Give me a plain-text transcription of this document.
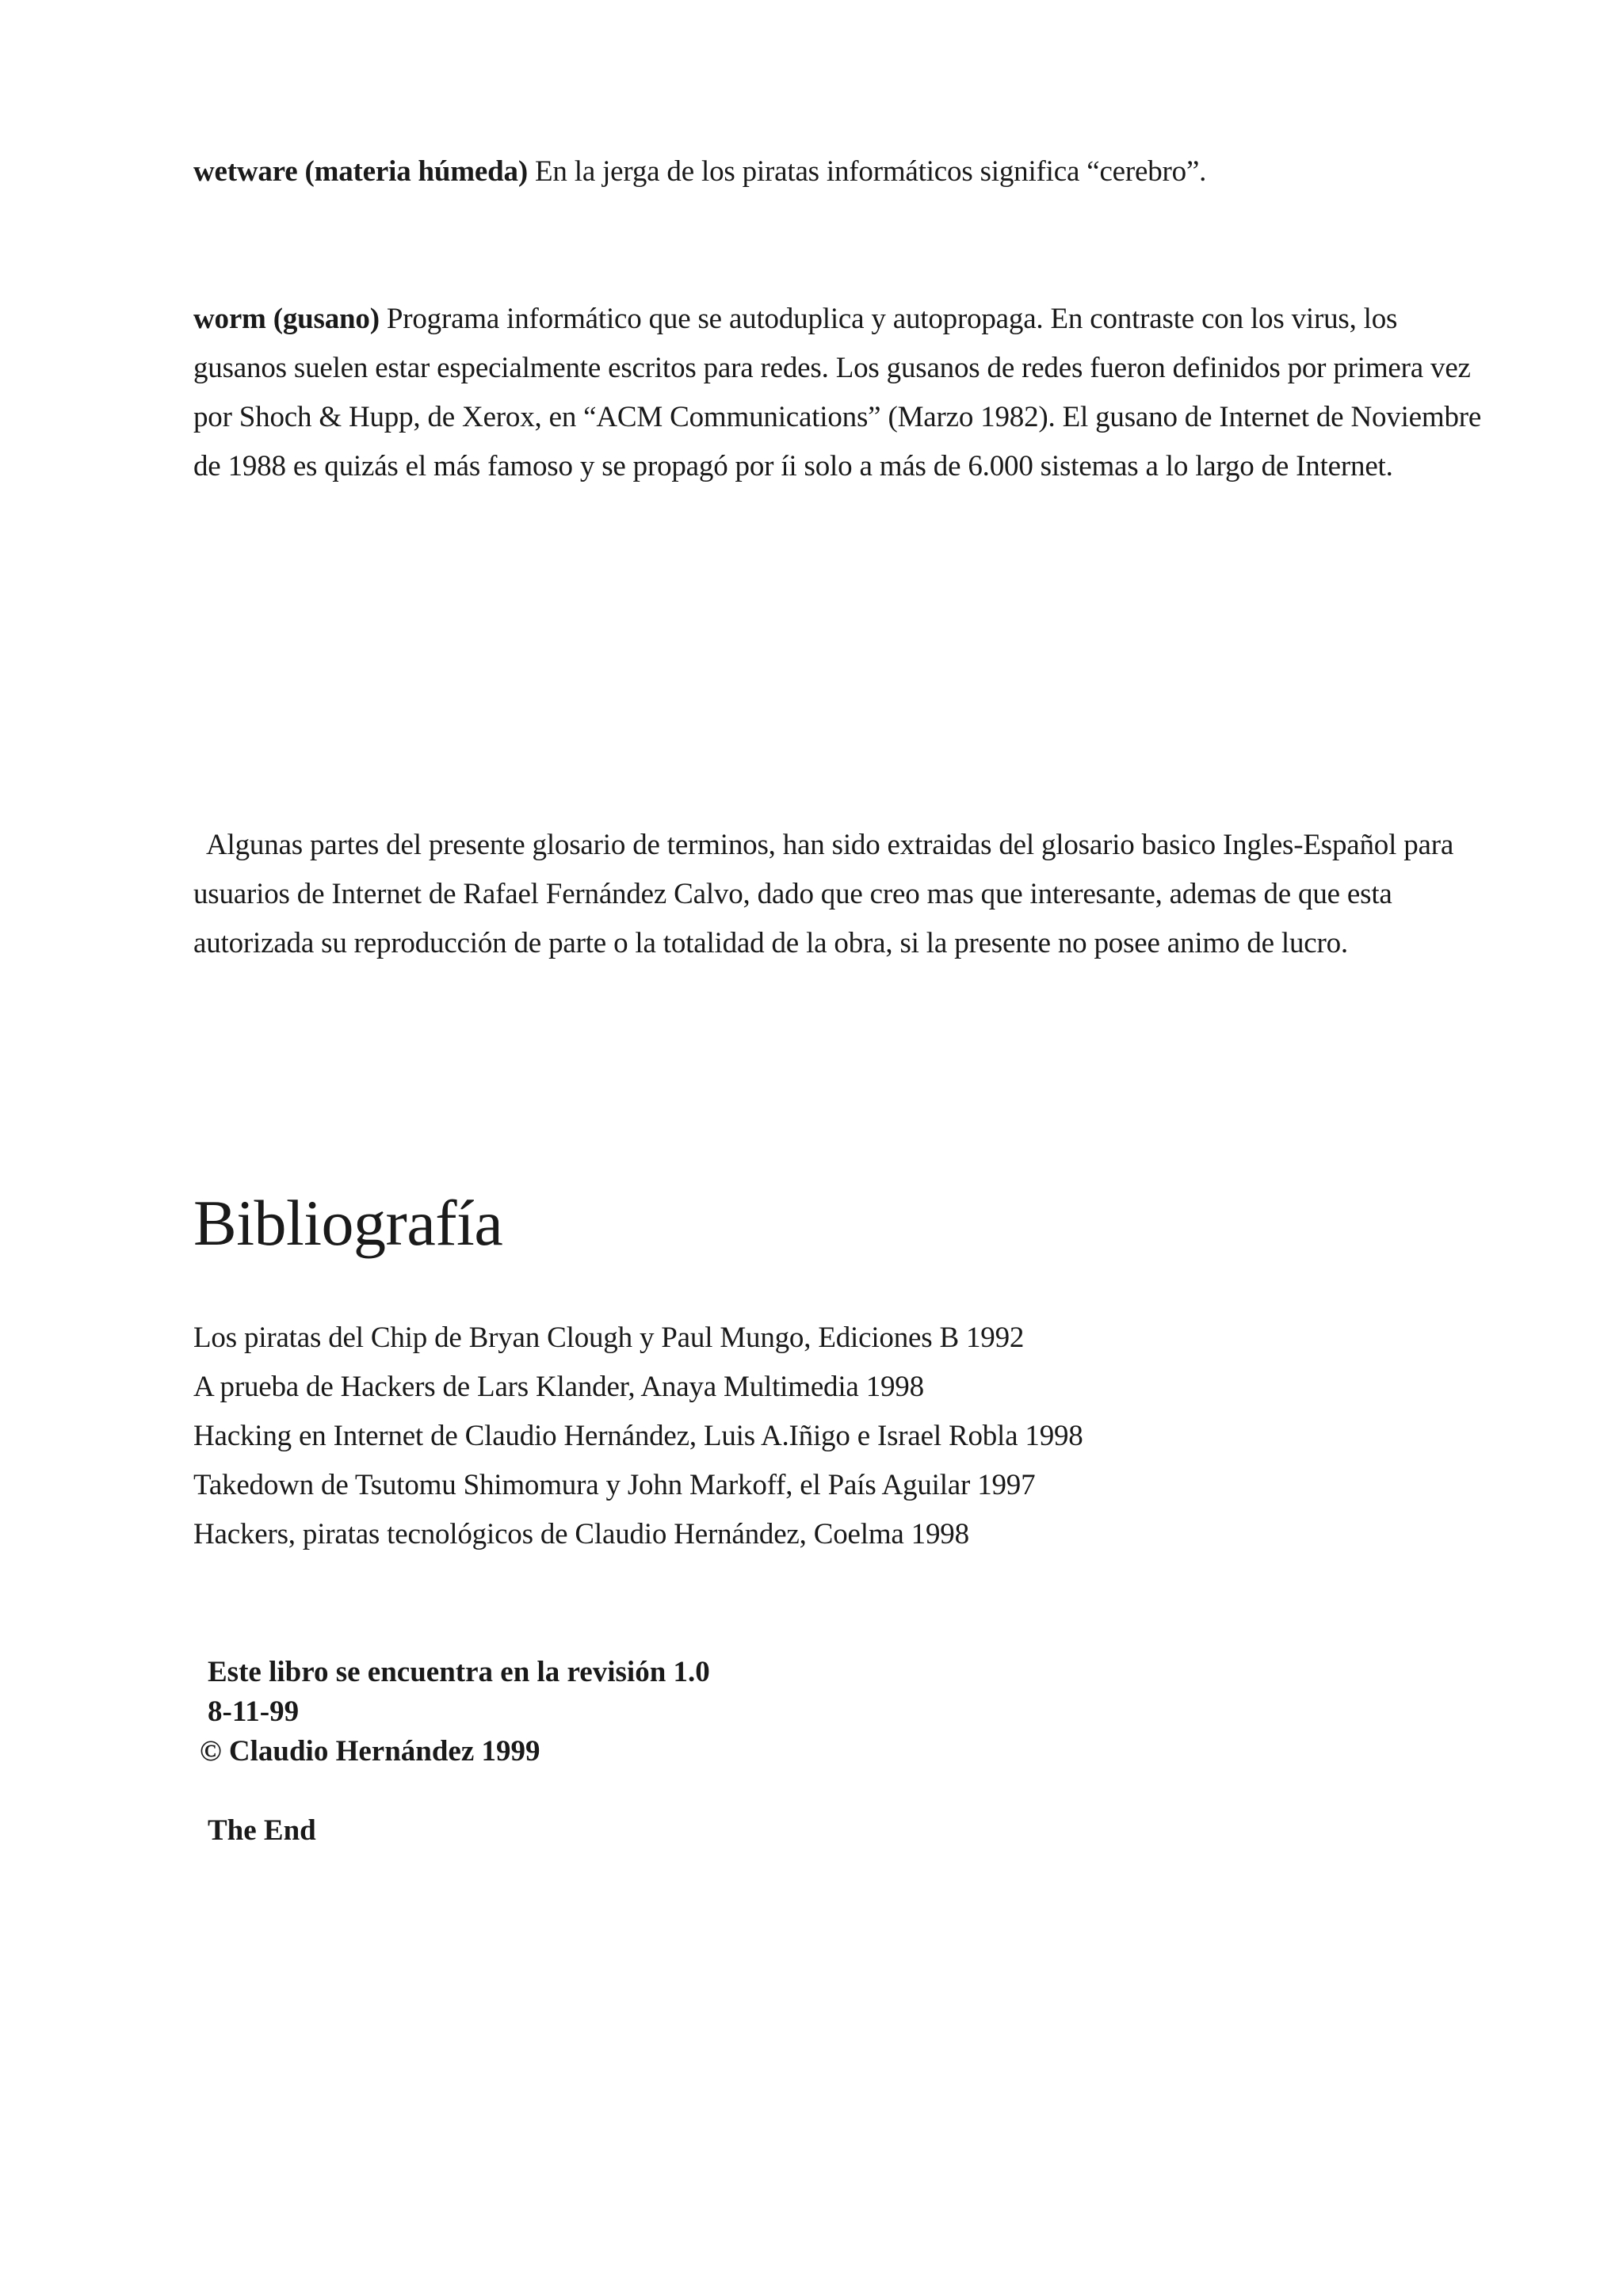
wetware (materia húmeda) En la jerga de los piratas informáticos significa “cerebro”.

worm (gusano) Programa informático que se autoduplica y autopropaga. En contraste con los virus, los gusanos suelen estar especialmente escritos para redes. Los gusanos de redes fueron definidos por primera vez por Shoch & Hupp, de Xerox, en “ACM Communications” (Marzo 1982). El gusano de Internet de Noviembre de 1988 es quizás el más famoso y se propagó por íi solo a más de 6.000 sistemas a lo largo de Internet.

Algunas partes del presente glosario de terminos, han sido extraidas del glosario basico Ingles-Español para usuarios de Internet de Rafael Fernández Calvo, dado que creo mas que interesante, ademas de que esta autorizada su reproducción de parte o la totalidad de la obra, si la presente no posee animo de lucro.

Bibliografía
Los piratas del Chip de Bryan Clough y Paul Mungo, Ediciones B 1992
A prueba de Hackers de Lars Klander, Anaya Multimedia 1998
Hacking en Internet de Claudio Hernández, Luis A.Iñigo e Israel Robla 1998
Takedown de Tsutomu Shimomura y John Markoff, el País Aguilar 1997
Hackers, piratas tecnológicos de Claudio Hernández, Coelma 1998
Este libro se encuentra en la revisión 1.0
8-11-99
© Claudio Hernández 1999
The End
